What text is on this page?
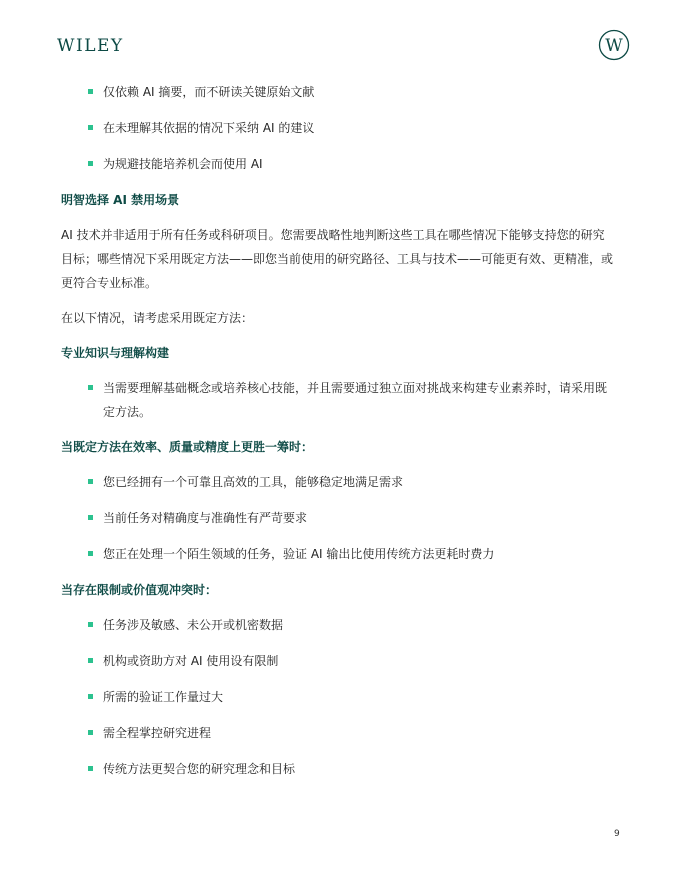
WILEY	W
仅依赖 AI 摘要，而不研读关键原始文献
在未理解其依据的情况下采纳 AI 的建议
为规避技能培养机会而使用 AI
明智选择 AI 禁用场景
AI 技术并非适用于所有任务或科研项目。您需要战略性地判断这些工具在哪些情况下能够支持您的研究
目标；哪些情况下采用既定方法——即您当前使用的研究路径、工具与技术——可能更有效、更精准，或
更符合专业标准。
在以下情况，请考虑采用既定方法：
专业知识与理解构建
当需要理解基础概念或培养核心技能，并且需要通过独立面对挑战来构建专业素养时，请采用既
定方法。
当既定方法在效率、质量或精度上更胜一筹时：
您已经拥有一个可靠且高效的工具，能够稳定地满足需求
当前任务对精确度与准确性有严苛要求
您正在处理一个陌生领域的任务，验证 AI 输出比使用传统方法更耗时费力
当存在限制或价值观冲突时：
任务涉及敏感、未公开或机密数据
机构或资助方对 AI 使用设有限制
所需的验证工作量过大
需全程掌控研究进程
传统方法更契合您的研究理念和目标
9
